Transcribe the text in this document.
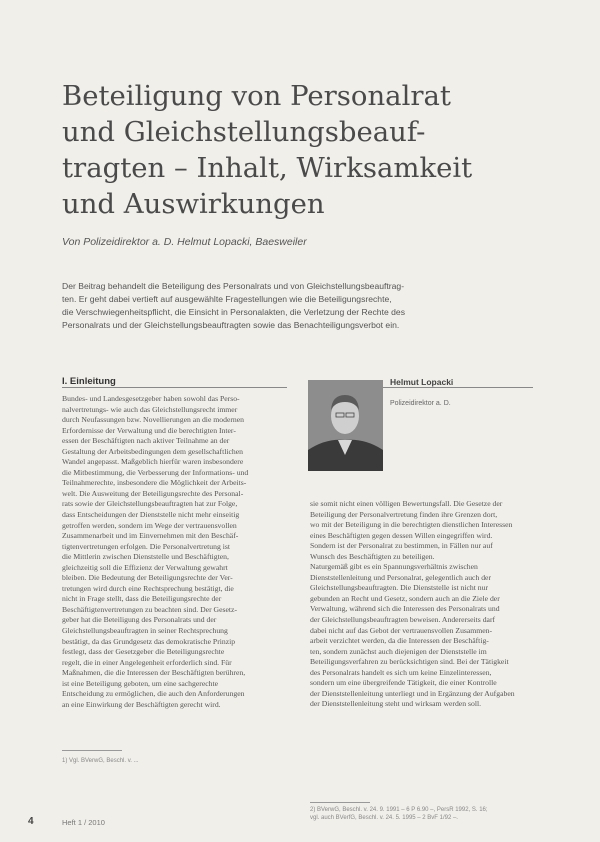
Beteiligung von Personalrat
und Gleichstellungsbeauf-
tragten – Inhalt, Wirksamkeit
und Auswirkungen
Von Polizeidirektor a. D. Helmut Lopacki, Baesweiler
Der Beitrag behandelt die Beteiligung des Personalrats und von Gleichstellungsbeauftrag-
ten. Er geht dabei vertieft auf ausgewählte Fragestellungen wie die Beteiligungsrechte,
die Verschwiegenheitspflicht, die Einsicht in Personalakten, die Verletzung der Rechte des
Personalrats und der Gleichstellungsbeauftragten sowie das Benachteiligungsverbot ein.
I. Einleitung	Helmut Lopacki
Polizeidirektor a. D.
Bundes- und Landesgesetzgeber haben sowohl das Perso-
nalvertretungs- wie auch das Gleichstellungsrecht immer
durch Neufassungen bzw. Novellierungen an die modernen
Erfordernisse der Verwaltung und die berechtigten Inter-
essen der Beschäftigten nach aktiver Teilnahme an der
Gestaltung der Arbeitsbedingungen dem gesellschaftlichen
Wandel angepasst. Maßgeblich hierfür waren insbesondere
die Mitbestimmung, die Verbesserung der Informations- und
Teilnahmerechte, insbesondere die Möglichkeit der Arbeits-
welt. Die Ausweitung der Beteiligungsrechte des Personal-
rats sowie der Gleichstellungsbeauftragten hat zur Folge,
dass Entscheidungen der Dienststelle nicht mehr einseitig
getroffen werden, sondern im Wege der vertrauensvollen
Zusammenarbeit und im Einvernehmen mit den Beschäf-
tigtenvertretungen erfolgen. Die Personalvertretung ist
die Mittlerin zwischen Dienststelle und Beschäftigten,
gleichzeitig soll die Effizienz der Verwaltung gewahrt
bleiben. Die Bedeutung der Beteiligungsrechte der Ver-
tretungen wird durch eine Rechtsprechung bestätigt, die
nicht in Frage stellt, dass die Beteiligungsrechte der
Beschäftigtenvertretungen zu beachten sind. Der Gesetz-
geber hat die Beteiligung des Personalrats und der
Gleichstellungsbeauftragten in seiner Rechtsprechung
bestätigt, da das Grundgesetz das demokratische Prinzip
festlegt, dass der Gesetzgeber die Beteiligungsrechte
regelt, die in einer Angelegenheit erforderlich sind. Für
Maßnahmen, die die Interessen der Beschäftigten berühren,
ist eine Beteiligung geboten, um eine sachgerechte
Entscheidung zu ermöglichen, die auch den Anforderungen
an eine Einwirkung der Beschäftigten gerecht wird.
sie somit nicht einen völligen Bewertungsfall. Die Gesetze der
Beteiligung der Personalvertretung finden ihre Grenzen dort,
wo mit der Beteiligung in die berechtigten dienstlichen Interessen
eines Beschäftigten gegen dessen Willen eingegriffen wird.
Sondern ist der Personalrat zu bestimmen, in Fällen nur auf
Wunsch des Beschäftigten zu beteiligen.
Naturgemäß gibt es ein Spannungsverhältnis zwischen
Dienststellenleitung und Personalrat, gelegentlich auch der
Gleichstellungsbeauftragten. Die Dienststelle ist nicht nur
gebunden an Recht und Gesetz, sondern auch an die Ziele der
Verwaltung, während sich die Interessen des Personalrats und
der Gleichstellungsbeauftragten beweisen. Andererseits darf
dabei nicht auf das Gebot der vertrauensvollen Zusammen-
arbeit verzichtet werden, da die Interessen der Beschäftig-
ten, sondern zunächst auch diejenigen der Dienststelle im
Beteiligungsverfahren zu berücksichtigen sind. Bei der Tätigkeit
des Personalrats handelt es sich um keine Einzelinteressen,
sondern um eine übergreifende Tätigkeit, die einer Kontrolle
der Dienststellenleitung unterliegt und in Ergänzung der Aufgaben
der Dienststellenleitung steht und wirksam werden soll.
1) Vgl. BVerwG, Beschl. v. ...
2) BVerwG, Beschl. v. 24. 9. 1991 – 6 P 6.90 –, PersR 1992, S. 16;
vgl. auch BVerfG, Beschl. v. 24. 5. 1995 – 2 BvF 1/92 –.
4	Heft 1 / 2010
